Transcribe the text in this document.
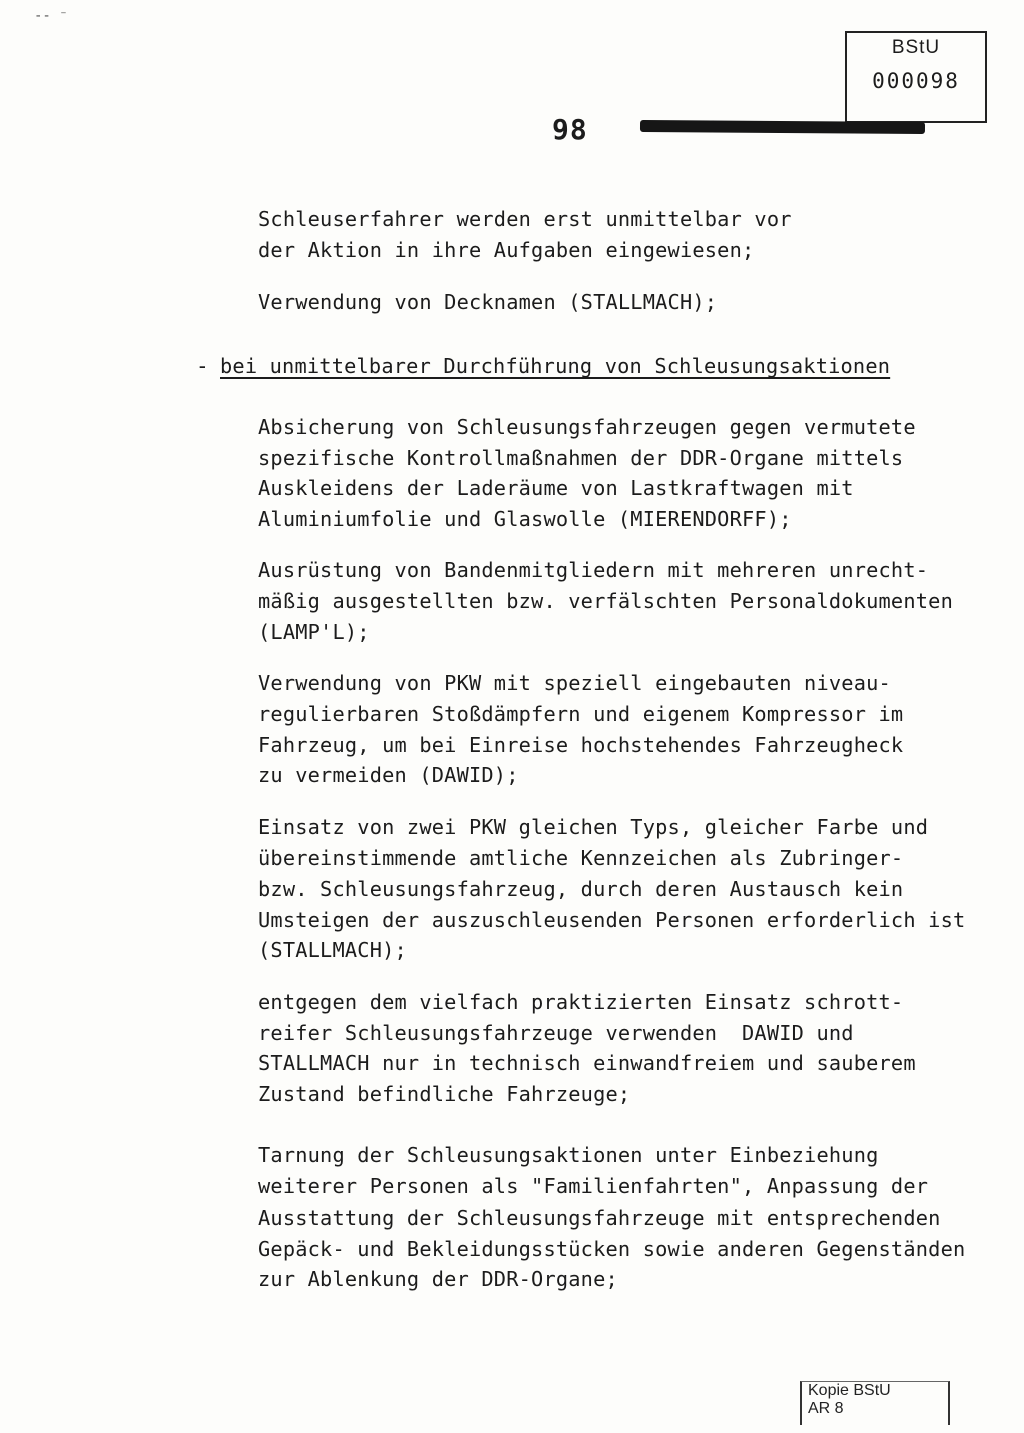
-- ⁻
BStU
000098
98
-
Schleuserfahrer werden erst unmittelbar vor
der Aktion in ihre Aufgaben eingewiesen;
Verwendung von Decknamen (STALLMACH);
bei unmittelbarer Durchführung von Schleusungsaktionen
Absicherung von Schleusungsfahrzeugen gegen vermutete
spezifische Kontrollmaßnahmen der DDR-Organe mittels
Auskleidens der Laderäume von Lastkraftwagen mit
Aluminiumfolie und Glaswolle (MIERENDORFF);
Ausrüstung von Bandenmitgliedern mit mehreren unrecht-
mäßig ausgestellten bzw. verfälschten Personaldokumenten
(LAMP'L);
Verwendung von PKW mit speziell eingebauten niveau-
regulierbaren Stoßdämpfern und eigenem Kompressor im
Fahrzeug, um bei Einreise hochstehendes Fahrzeugheck
zu vermeiden (DAWID);
Einsatz von zwei PKW gleichen Typs, gleicher Farbe und
übereinstimmende amtliche Kennzeichen als Zubringer-
bzw. Schleusungsfahrzeug, durch deren Austausch kein
Umsteigen der auszuschleusenden Personen erforderlich ist
(STALLMACH);
entgegen dem vielfach praktizierten Einsatz schrott-
reifer Schleusungsfahrzeuge verwenden  DAWID und
STALLMACH nur in technisch einwandfreiem und sauberem
Zustand befindliche Fahrzeuge;
Tarnung der Schleusungsaktionen unter Einbeziehung
weiterer Personen als "Familienfahrten", Anpassung der
Ausstattung der Schleusungsfahrzeuge mit entsprechenden
Gepäck- und Bekleidungsstücken sowie anderen Gegenständen
zur Ablenkung der DDR-Organe;
Kopie BStU
AR 8
